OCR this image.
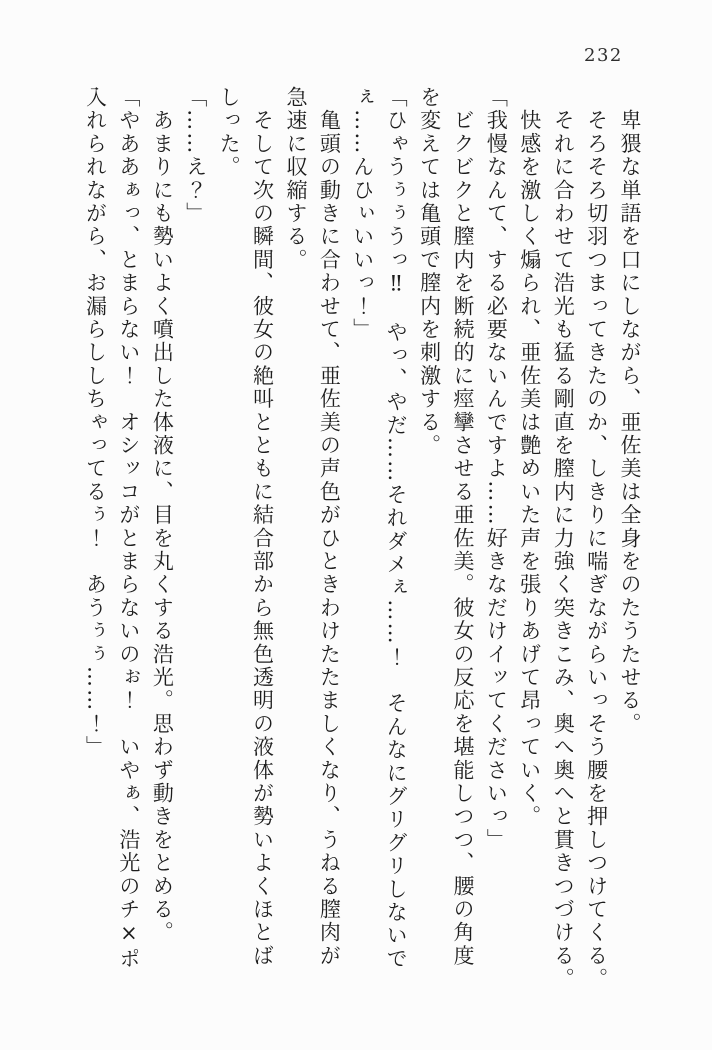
232

　卑猥な単語を口にしながら、亜佐美は全身をのたうたせる。

　そろそろ切羽つまってきたのか、しきりに喘ぎながらいっそう腰を押しつけてくる。

　それに合わせて浩光も猛る剛直を膣内に力強く突きこみ、奥へ奥へと貫きつづける。

　快感を激しく煽られ、亜佐美は艶めいた声を張りあげて昂っていく。

「我慢なんて、する必要ないんですよ……好きなだけイッてくださいっ」

　ビクビクと膣内を断続的に痙攣させる亜佐美。彼女の反応を堪能しつつ、腰の角度

を変えては亀頭で膣内を刺激する。

「ひゃうぅぅうっ‼　やっ、やだ……それダメぇ……！　そんなにグリグリしないで

ぇ……んひぃいいっ！」

　亀頭の動きに合わせて、亜佐美の声色がひときわけたたましくなり、うねる膣肉が

急速に収縮する。

　そして次の瞬間、彼女の絶叫とともに結合部から無色透明の液体が勢いよくほとば

しった。

「……え？」

　あまりにも勢いよく噴出した体液に、目を丸くする浩光。思わず動きをとめる。

「やああぁっ、とまらない！　オシッコがとまらないのぉ！　いやぁ、浩光のチ×ポ

入れられながら、お漏らししちゃってるぅ！　あうぅぅ……！」
